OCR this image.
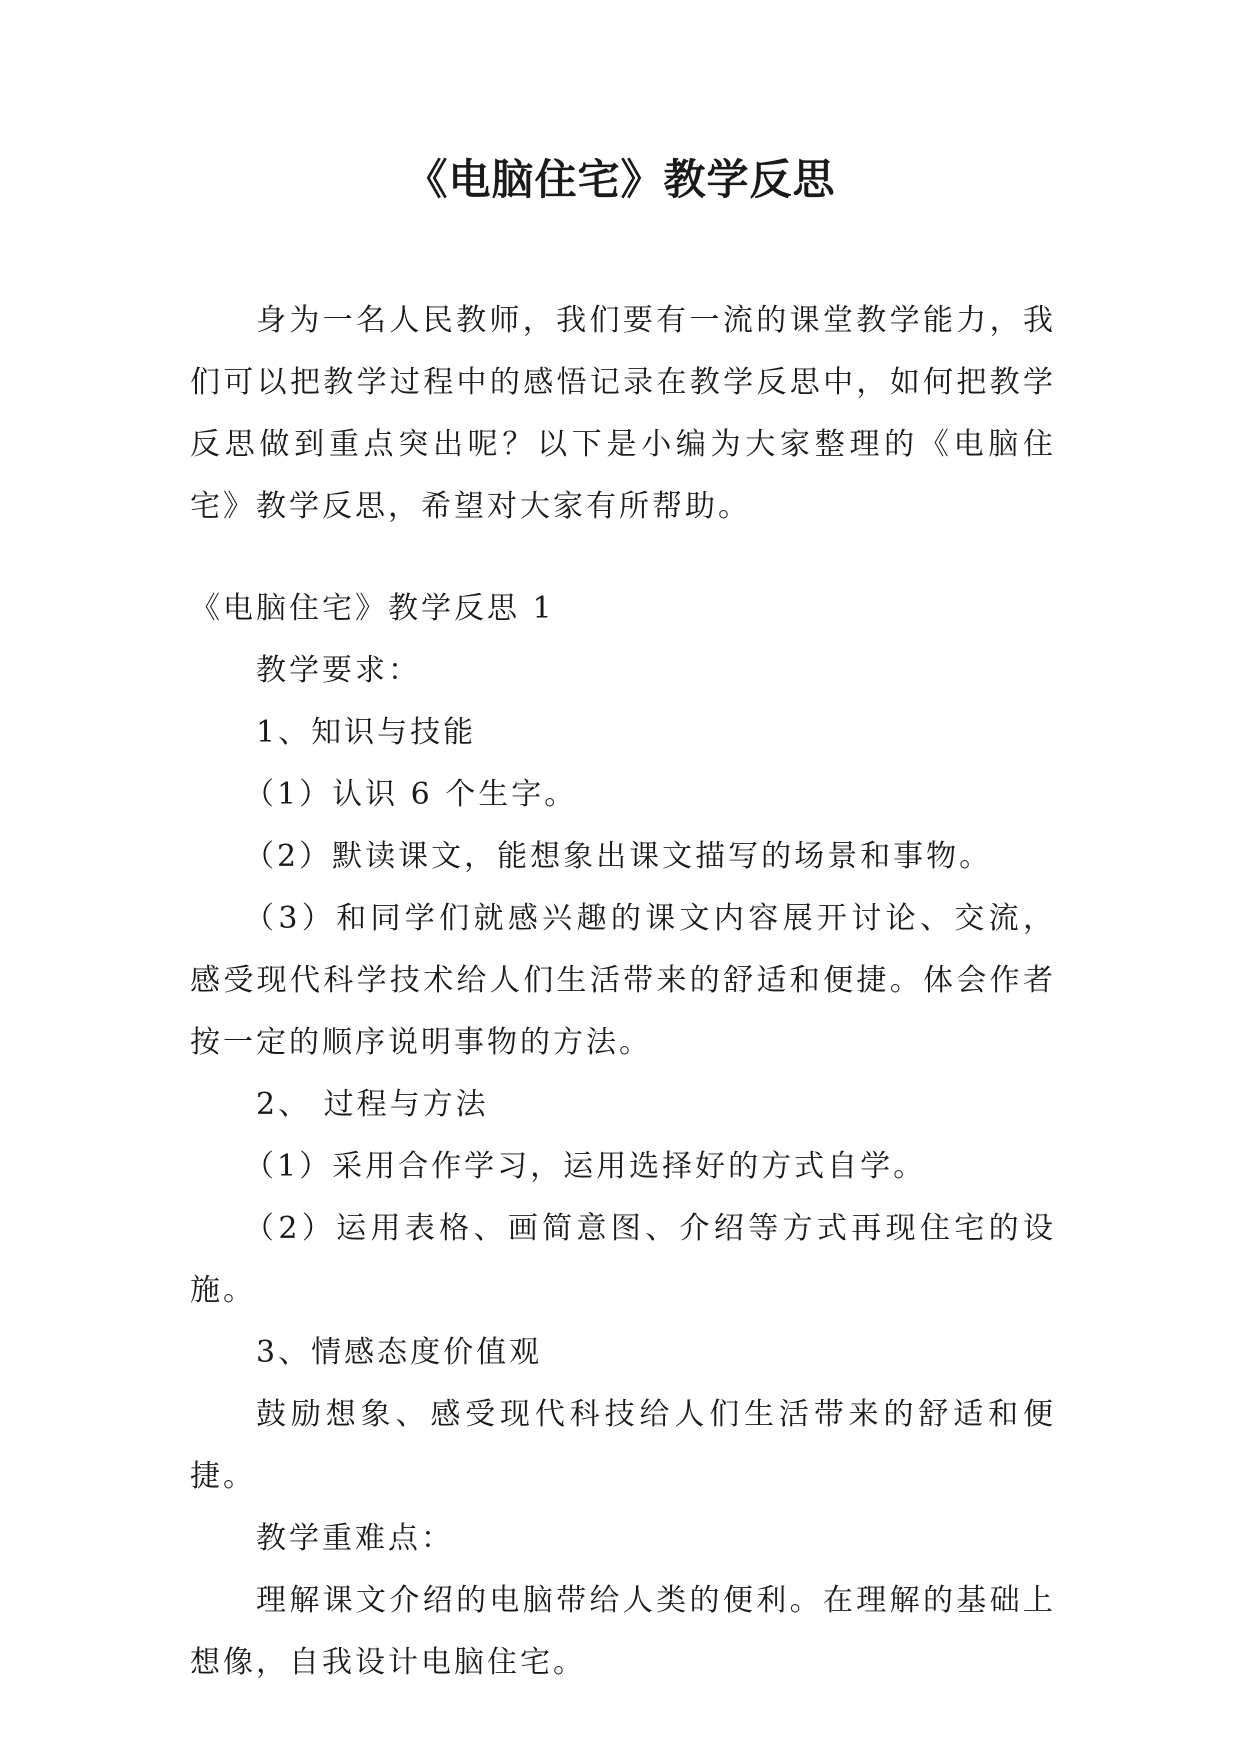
《电脑住宅》教学反思
身为一名人民教师，我们要有一流的课堂教学能力，我们可以把教学过程中的感悟记录在教学反思中，如何把教学反思做到重点突出呢？以下是小编为大家整理的《电脑住宅》教学反思，希望对大家有所帮助。

《电脑住宅》教学反思 1

教学要求：

1、知识与技能

（1）认识 6 个生字。

（2）默读课文，能想象出课文描写的场景和事物。

（3）和同学们就感兴趣的课文内容展开讨论、交流，感受现代科学技术给人们生活带来的舒适和便捷。体会作者按一定的顺序说明事物的方法。

2、 过程与方法

（1）采用合作学习，运用选择好的方式自学。

（2）运用表格、画简意图、介绍等方式再现住宅的设施。

3、情感态度价值观

鼓励想象、感受现代科技给人们生活带来的舒适和便捷。

教学重难点：

理解课文介绍的电脑带给人类的便利。在理解的基础上想像，自我设计电脑住宅。
